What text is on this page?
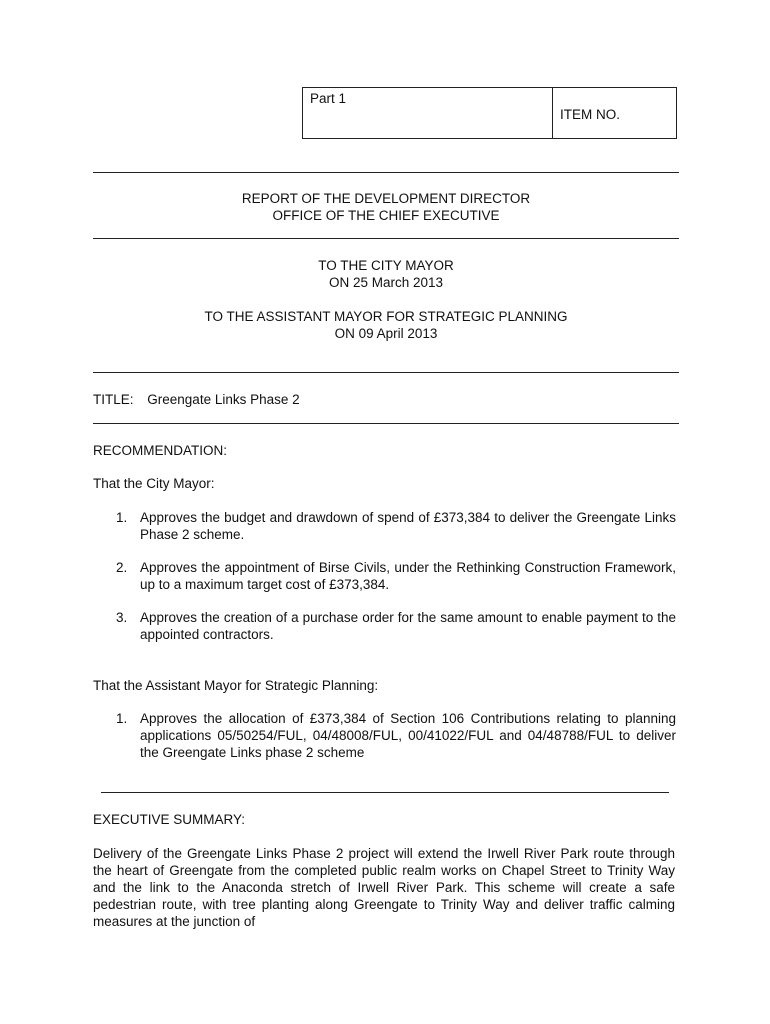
Part 1
ITEM NO.

REPORT OF THE DEVELOPMENT DIRECTOR

OFFICE OF THE CHIEF EXECUTIVE

TO THE CITY MAYOR

ON 25 March 2013

TO THE ASSISTANT MAYOR FOR STRATEGIC PLANNING

ON 09 April 2013

TITLE: Greengate Links Phase 2
RECOMMENDATION:
That the City Mayor:
1. Approves the budget and drawdown of spend of £373,384 to deliver the Greengate Links Phase 2 scheme.

2. Approves the appointment of Birse Civils, under the Rethinking Construction Framework, up to a maximum target cost of £373,384.

3. Approves the creation of a purchase order for the same amount to enable payment to the appointed contractors.

That the Assistant Mayor for Strategic Planning:
1. Approves the allocation of £373,384 of Section 106 Contributions relating to planning applications 05/50254/FUL, 04/48008/FUL, 00/41022/FUL and 04/48788/FUL to deliver the Greengate Links phase 2 scheme

EXECUTIVE SUMMARY:

Delivery of the Greengate Links Phase 2 project will extend the Irwell River Park route through the heart of Greengate from the completed public realm works on Chapel Street to Trinity Way and the link to the Anaconda stretch of Irwell River Park. This scheme will create a safe pedestrian route, with tree planting along Greengate to Trinity Way and deliver traffic calming measures at the junction of
